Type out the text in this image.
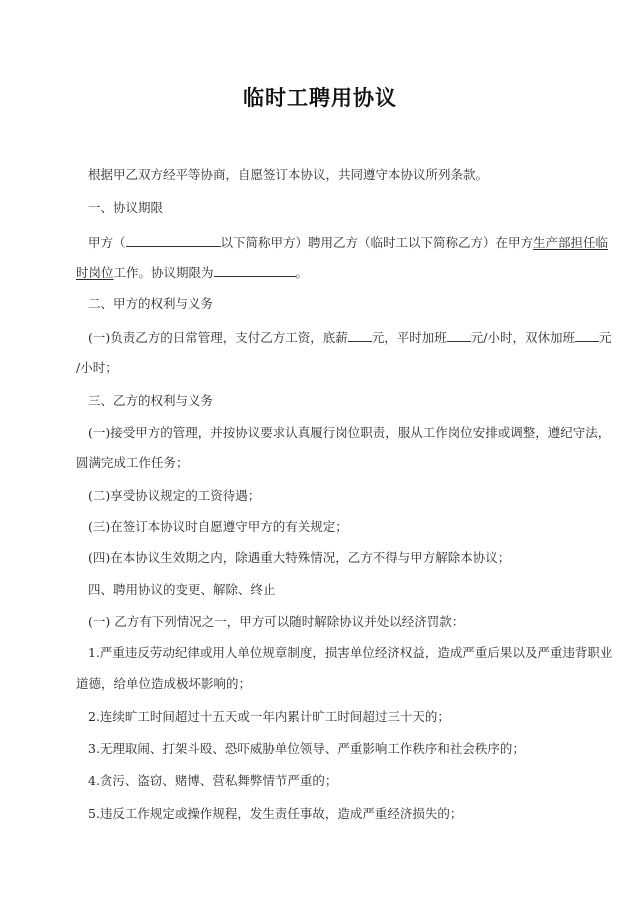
临时工聘用协议
根据甲乙双方经平等协商，自愿签订本协议，共同遵守本协议所列条款。
一、协议期限
甲方（	以下简称甲方）聘用乙方（临时工以下简称乙方）在甲方生产部担任临
时岗位工作。协议期限为	。
二、甲方的权利与义务
(一)负责乙方的日常管理，支付乙方工资，底薪 元，平时加班 元/小时，双休加班 元
/小时；
三、乙方的权利与义务
(一)接受甲方的管理，并按协议要求认真履行岗位职责，服从工作岗位安排或调整，遵纪守法，
圆满完成工作任务；
(二)享受协议规定的工资待遇；
(三)在签订本协议时自愿遵守甲方的有关规定；
(四)在本协议生效期之内，除遇重大特殊情况，乙方不得与甲方解除本协议；
四、聘用协议的变更、解除、终止
(一) 乙方有下列情况之一，甲方可以随时解除协议并处以经济罚款：
1.严重违反劳动纪律或用人单位规章制度，损害单位经济权益，造成严重后果以及严重违背职业
道德，给单位造成极坏影响的；
2.连续旷工时间超过十五天或一年内累计旷工时间超过三十天的；
3.无理取闹、打架斗殴、恐吓威胁单位领导、严重影响工作秩序和社会秩序的；
4.贪污、盗窃、赌博、营私舞弊情节严重的；
5.违反工作规定或操作规程，发生责任事故，造成严重经济损失的；
